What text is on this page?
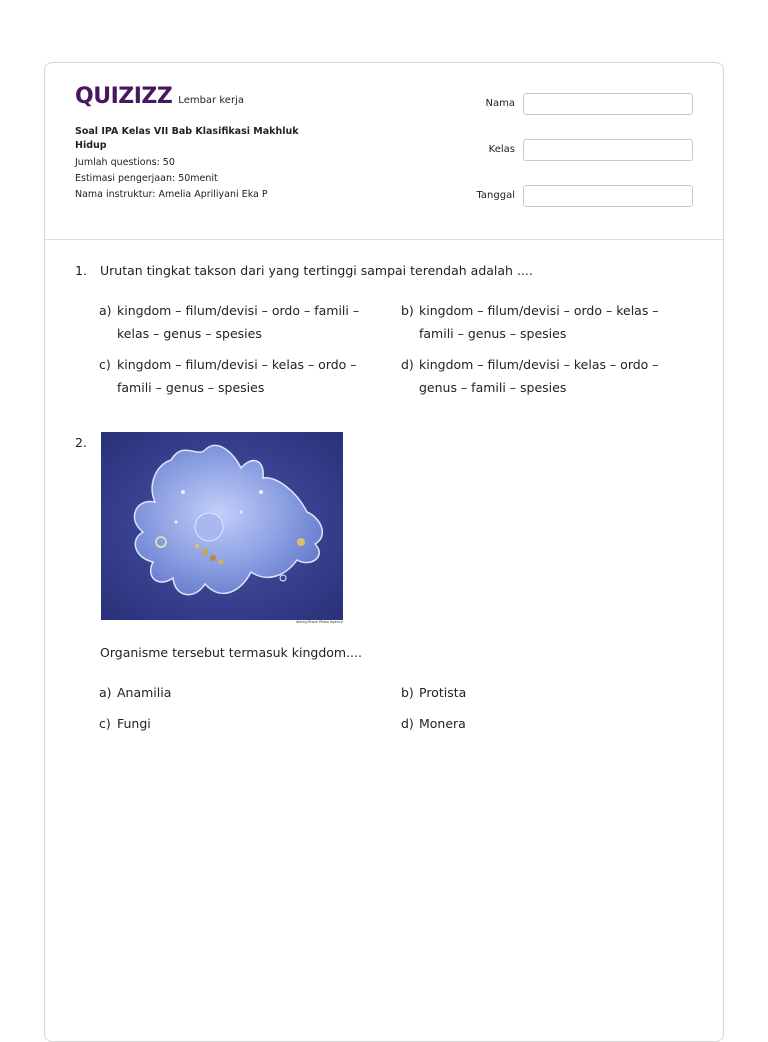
QUIZIZZ Lembar kerja
Soal IPA Kelas VII Bab Klasifikasi Makhluk Hidup
Jumlah questions: 50
Estimasi pengerjaan: 50menit
Nama instruktur: Amelia Apriliyani Eka P
Nama
Kelas
Tanggal
1. Urutan tingkat takson dari yang tertinggi sampai terendah adalah ....
a) kingdom – filum/devisi – ordo – famili – kelas – genus – spesies
b) kingdom – filum/devisi – ordo – kelas – famili – genus – spesies
c) kingdom – filum/devisi – kelas – ordo – famili – genus – spesies
d) kingdom – filum/devisi – kelas – ordo – genus – famili – spesies
2.
Alamy/Stock Photo Agency
Organisme tersebut termasuk kingdom....
a) Anamilia	b) Protista
c) Fungi	d) Monera
